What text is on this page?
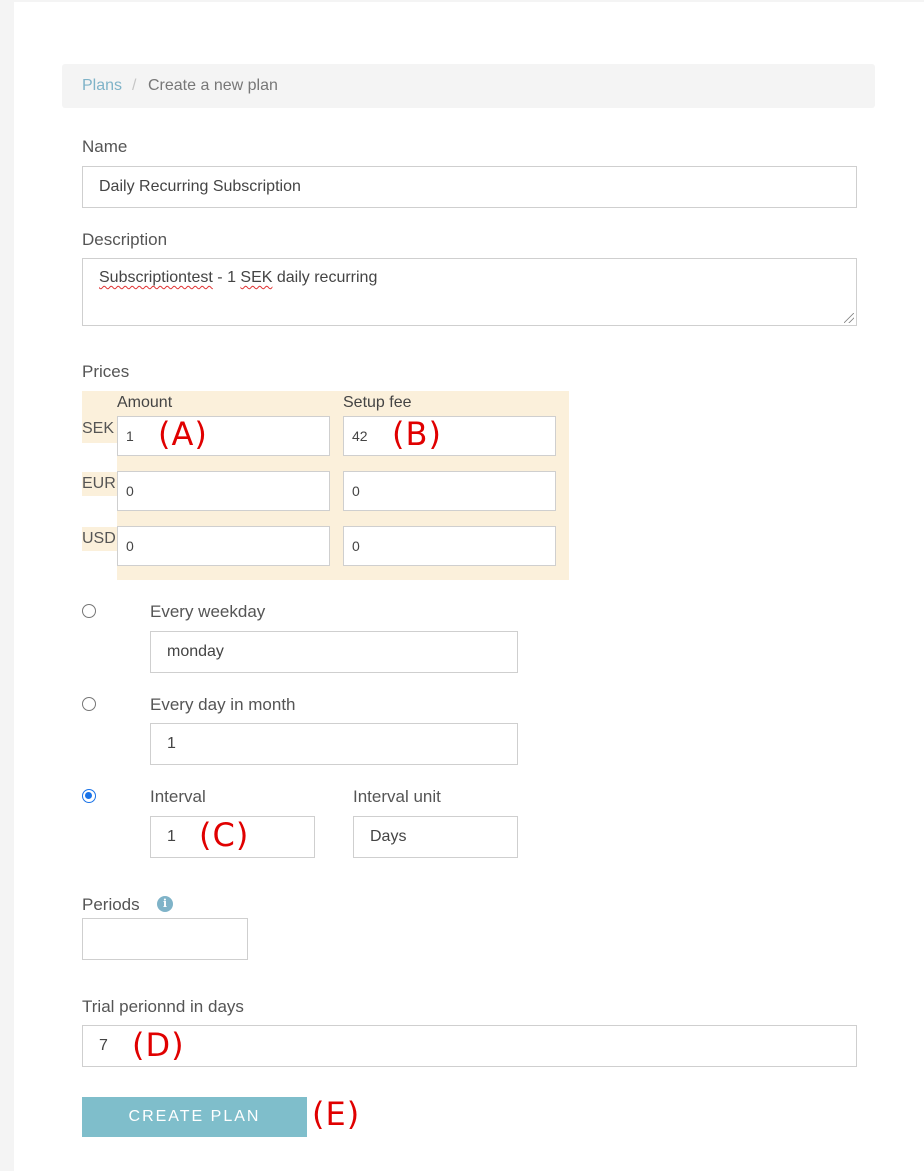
Plans / Create a new plan
Name
Daily Recurring Subscription
Description
Subscriptiontest - 1 SEK daily recurring
Prices
Amount	Setup fee
SEK 1	42
EUR 0	0
USD 0	0
Every weekday
monday
Every day in month
1
Interval	Interval unit
1	Days
Periods	i
Trial perionnd in days
7
CREATE PLAN
(A)	(B)
(C)
(D)
(E)
